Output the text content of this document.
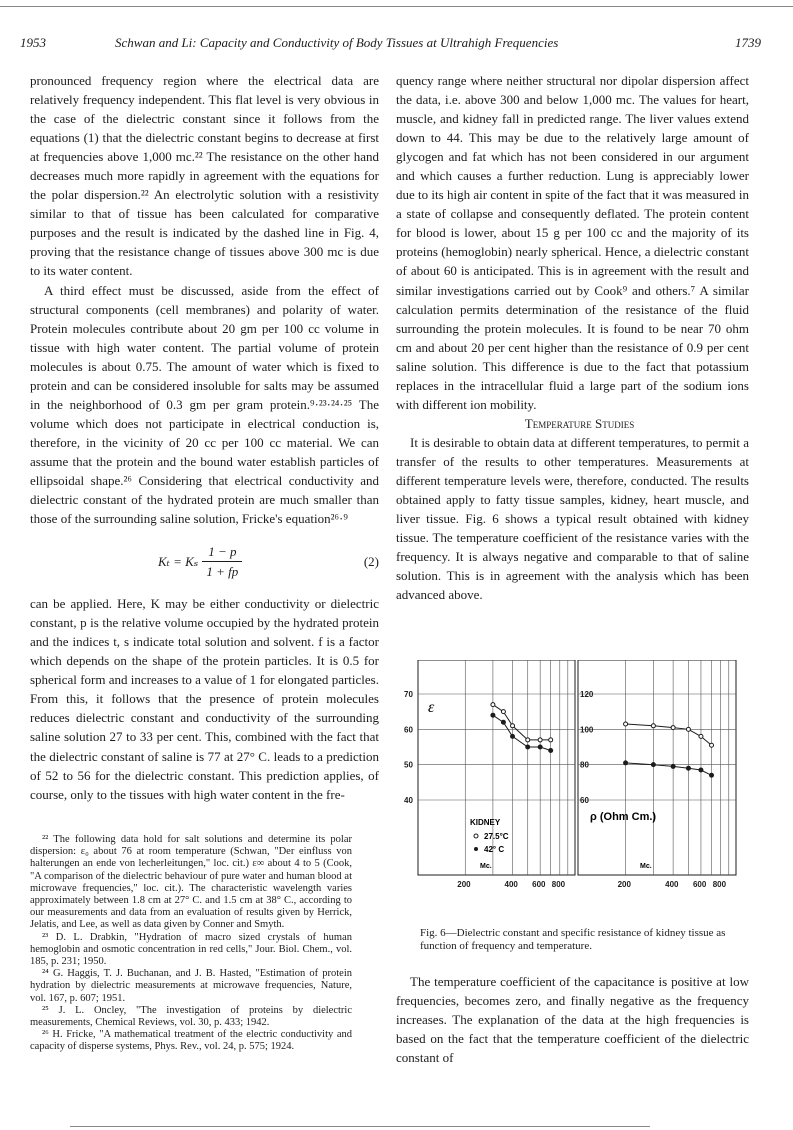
1953	Schwan and Li: Capacity and Conductivity of Body Tissues at Ultrahigh Frequencies	1739

pronounced frequency region where the electrical data are relatively frequency independent. This flat level is very obvious in the case of the dielectric constant since it follows from the equations (1) that the dielectric constant begins to decrease at first at frequencies above 1,000 mc.²² The resistance on the other hand decreases much more rapidly in agreement with the equations for the polar dispersion.²² An electrolytic solution with a resistivity similar to that of tissue has been calculated for comparative purposes and the result is indicated by the dashed line in Fig. 4, proving that the resistance change of tissues above 300 mc is due to its water content.

A third effect must be discussed, aside from the effect of structural components (cell membranes) and polarity of water. Protein molecules contribute about 20 gm per 100 cc volume in tissue with high water content. The partial volume of protein molecules is about 0.75. The amount of water which is fixed to protein and can be considered insoluble for salts may be assumed in the neighborhood of 0.3 gm per gram protein.⁹·²³·²⁴·²⁵ The volume which does not participate in electrical conduction is, therefore, in the vicinity of 20 cc per 100 cc material. We can assume that the protein and the bound water establish particles of ellipsoidal shape.²⁶ Considering that electrical conductivity and dielectric constant of the hydrated protein are much smaller than those of the surrounding saline solution, Fricke's equation²⁶·⁹

Kₜ = Kₛ $\frac{1 - p}{1 + fp}$	(2)

can be applied. Here, K may be either conductivity or dielectric constant, p is the relative volume occupied by the hydrated protein and the indices t, s indicate total solution and solvent. f is a factor which depends on the shape of the protein particles. It is 0.5 for spherical form and increases to a value of 1 for elongated particles. From this, it follows that the presence of protein molecules reduces dielectric constant and conductivity of the surrounding saline solution 27 to 33 per cent. This, combined with the fact that the dielectric constant of saline is 77 at 27° C. leads to a prediction of 52 to 56 for the dielectric constant. This prediction applies, of course, only to the tissues with high water content in the fre-

²² The following data hold for salt solutions and determine its polar dispersion: ε₀ about 76 at room temperature (Schwan, "Der einfluss von halterungen an ende von lecherleitungen," loc. cit.) ε∞ about 4 to 5 (Cook, "A comparison of the dielectric behaviour of pure water and human blood at microwave frequencies," loc. cit.). The characteristic wavelength varies approximately between 1.8 cm at 27° C. and 1.5 cm at 38° C., according to our measurements and data from an evaluation of results given by Herrick, Jelatis, and Lee, as well as data given by Conner and Smyth.
²³ D. L. Drabkin, "Hydration of macro sized crystals of human hemoglobin and osmotic concentration in red cells," Jour. Biol. Chem., vol. 185, p. 231; 1950.
²⁴ G. Haggis, T. J. Buchanan, and J. B. Hasted, "Estimation of protein hydration by dielectric measurements at microwave frequencies, Nature, vol. 167, p. 607; 1951.
²⁵ J. L. Oncley, "The investigation of proteins by dielectric measurements, Chemical Reviews, vol. 30, p. 433; 1942.
²⁶ H. Fricke, "A mathematical treatment of the electric conductivity and capacity of disperse systems, Phys. Rev., vol. 24, p. 575; 1924.

quency range where neither structural nor dipolar dispersion affect the data, i.e. above 300 and below 1,000 mc. The values for heart, muscle, and kidney fall in predicted range. The liver values extend down to 44. This may be due to the relatively large amount of glycogen and fat which has not been considered in our argument and which causes a further reduction. Lung is appreciably lower due to its high air content in spite of the fact that it was measured in a state of collapse and consequently deflated. The protein content for blood is lower, about 15 g per 100 cc and the majority of its proteins (hemoglobin) nearly spherical. Hence, a dielectric constant of about 60 is anticipated. This is in agreement with the result and similar investigations carried out by Cook⁹ and others.⁷ A similar calculation permits determination of the resistance of the fluid surrounding the protein molecules. It is found to be near 70 ohm cm and about 20 per cent higher than the resistance of 0.9 per cent saline solution. This difference is due to the fact that potassium replaces in the intracellular fluid a large part of the sodium ions with different ion mobility.

Temperature Studies

It is desirable to obtain data at different temperatures, to permit a transfer of the results to other temperatures. Measurements at different temperature levels were, therefore, conducted. The results obtained apply to fatty tissue samples, kidney, heart muscle, and liver tissue. Fig. 6 shows a typical result obtained with kidney tissue. The temperature coefficient of the resistance varies with the frequency. It is always negative and comparable to that of saline solution. This is in agreement with the analysis which has been advanced above.

70
60
50
40
200	400 600 800
120
100
80
60
200	400 600 800
ε
ρ (Ohm Cm.)
KIDNEY
27.5°C
42° C
Mc.	Mc.
Fig. 6—Dielectric constant and specific resistance of kidney tissue as function of frequency and temperature.

The temperature coefficient of the capacitance is positive at low frequencies, becomes zero, and finally negative as the frequency increases. The explanation of the data at the high frequencies is based on the fact that the temperature coefficient of the dielectric constant of
